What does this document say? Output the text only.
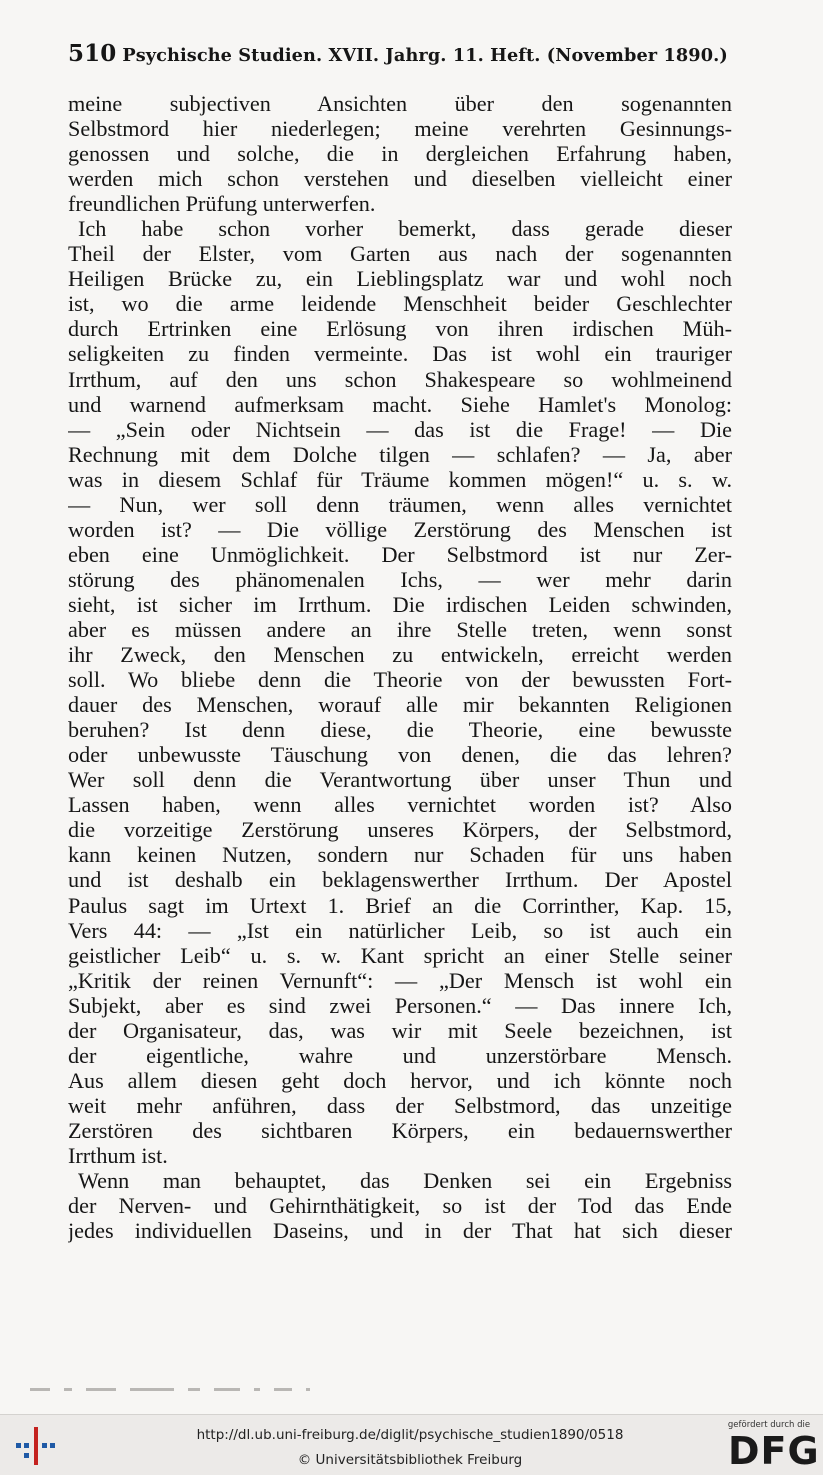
510 Psychische Studien. XVII. Jahrg. 11. Heft. (November 1890.)
meine subjectiven Ansichten über den sogenannten
Selbstmord hier niederlegen; meine verehrten Gesinnungs-
genossen und solche, die in dergleichen Erfahrung haben,
werden mich schon verstehen und dieselben vielleicht einer
freundlichen Prüfung unterwerfen.
Ich habe schon vorher bemerkt, dass gerade dieser
Theil der Elster, vom Garten aus nach der sogenannten
Heiligen Brücke zu, ein Lieblingsplatz war und wohl noch
ist, wo die arme leidende Menschheit beider Geschlechter
durch Ertrinken eine Erlösung von ihren irdischen Müh-
seligkeiten zu finden vermeinte. Das ist wohl ein trauriger
Irrthum, auf den uns schon Shakespeare so wohlmeinend
und warnend aufmerksam macht. Siehe Hamlet's Monolog:
— „Sein oder Nichtsein — das ist die Frage! — Die
Rechnung mit dem Dolche tilgen — schlafen? — Ja, aber
was in diesem Schlaf für Träume kommen mögen!“ u. s. w.
— Nun, wer soll denn träumen, wenn alles vernichtet
worden ist? — Die völlige Zerstörung des Menschen ist
eben eine Unmöglichkeit. Der Selbstmord ist nur Zer-
störung des phänomenalen Ichs, — wer mehr darin
sieht, ist sicher im Irrthum. Die irdischen Leiden schwinden,
aber es müssen andere an ihre Stelle treten, wenn sonst
ihr Zweck, den Menschen zu entwickeln, erreicht werden
soll. Wo bliebe denn die Theorie von der bewussten Fort-
dauer des Menschen, worauf alle mir bekannten Religionen
beruhen? Ist denn diese, die Theorie, eine bewusste
oder unbewusste Täuschung von denen, die das lehren?
Wer soll denn die Verantwortung über unser Thun und
Lassen haben, wenn alles vernichtet worden ist? Also
die vorzeitige Zerstörung unseres Körpers, der Selbstmord,
kann keinen Nutzen, sondern nur Schaden für uns haben
und ist deshalb ein beklagenswerther Irrthum. Der Apostel
Paulus sagt im Urtext 1. Brief an die Corrinther, Kap. 15,
Vers 44: — „Ist ein natürlicher Leib, so ist auch ein
geistlicher Leib“ u. s. w. Kant spricht an einer Stelle seiner
„Kritik der reinen Vernunft“: — „Der Mensch ist wohl ein
Subjekt, aber es sind zwei Personen.“ — Das innere Ich,
der Organisateur, das, was wir mit Seele bezeichnen, ist
der eigentliche, wahre und unzerstörbare Mensch.
Aus allem diesen geht doch hervor, und ich könnte noch
weit mehr anführen, dass der Selbstmord, das unzeitige
Zerstören des sichtbaren Körpers, ein bedauernswerther
Irrthum ist.
Wenn man behauptet, das Denken sei ein Ergebniss
der Nerven- und Gehirnthätigkeit, so ist der Tod das Ende
jedes individuellen Daseins, und in der That hat sich dieser
http://dl.ub.uni-freiburg.de/diglit/psychische_studien1890/0518
© Universitätsbibliothek Freiburg
gefördert durch die
DFG
